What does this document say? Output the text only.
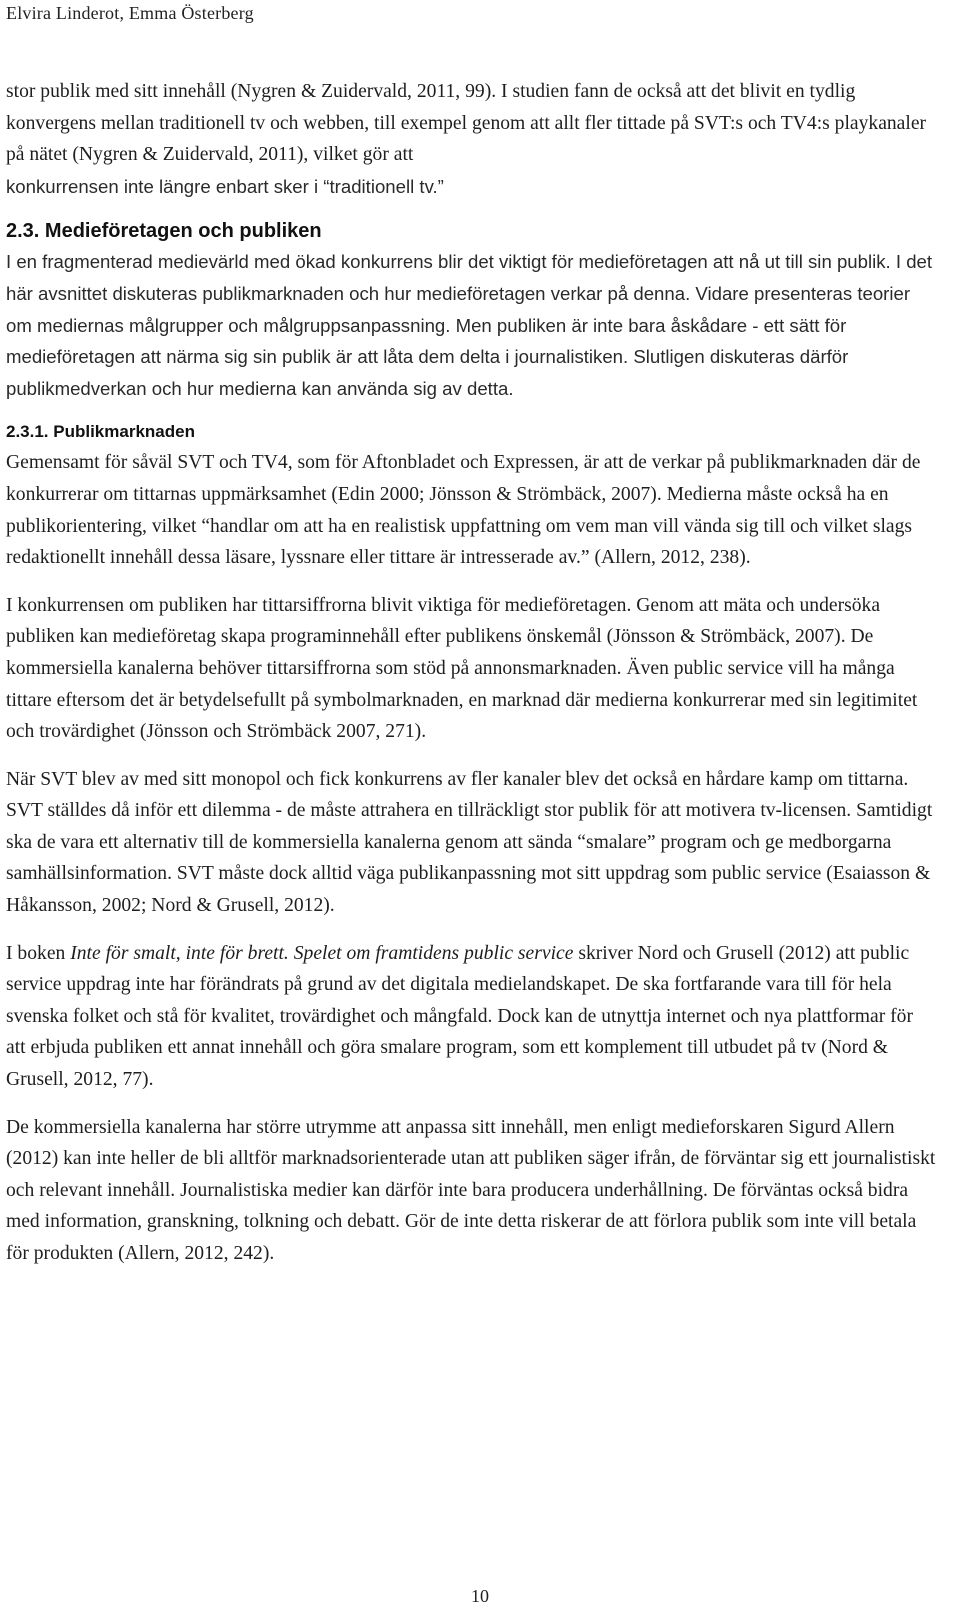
Elvira Linderot, Emma Österberg

stor publik med sitt innehåll (Nygren & Zuidervald, 2011, 99). I studien fann de också att det blivit en tydlig konvergens mellan traditionell tv och webben, till exempel genom att allt fler tittade på SVT:s och TV4:s playkanaler på nätet (Nygren & Zuidervald, 2011), vilket gör att

konkurrensen inte längre enbart sker i “traditionell tv.”

2.3. Medieföretagen och publiken

I en fragmenterad medievärld med ökad konkurrens blir det viktigt för medieföretagen att nå ut till sin publik. I det här avsnittet diskuteras publikmarknaden och hur medieföretagen verkar på denna. Vidare presenteras teorier om mediernas målgrupper och målgruppsanpassning. Men publiken är inte bara åskådare - ett sätt för medieföretagen att närma sig sin publik är att låta dem delta i journalistiken. Slutligen diskuteras därför publikmedverkan och hur medierna kan använda sig av detta.

2.3.1. Publikmarknaden

Gemensamt för såväl SVT och TV4, som för Aftonbladet och Expressen, är att de verkar på publikmarknaden där de konkurrerar om tittarnas uppmärksamhet (Edin 2000; Jönsson & Strömbäck, 2007). Medierna måste också ha en publikorientering, vilket “handlar om att ha en realistisk uppfattning om vem man vill vända sig till och vilket slags redaktionellt innehåll dessa läsare, lyssnare eller tittare är intresserade av.” (Allern, 2012, 238).

I konkurrensen om publiken har tittarsiffrorna blivit viktiga för medieföretagen. Genom att mäta och undersöka publiken kan medieföretag skapa programinnehåll efter publikens önskemål (Jönsson & Strömbäck, 2007). De kommersiella kanalerna behöver tittarsiffrorna som stöd på annonsmarknaden. Även public service vill ha många tittare eftersom det är betydelsefullt på symbolmarknaden, en marknad där medierna konkurrerar med sin legitimitet och trovärdighet (Jönsson och Strömbäck 2007, 271).

När SVT blev av med sitt monopol och fick konkurrens av fler kanaler blev det också en hårdare kamp om tittarna. SVT ställdes då inför ett dilemma - de måste attrahera en tillräckligt stor publik för att motivera tv-licensen. Samtidigt ska de vara ett alternativ till de kommersiella kanalerna genom att sända “smalare” program och ge medborgarna samhällsinformation. SVT måste dock alltid väga publikanpassning mot sitt uppdrag som public service (Esaiasson & Håkansson, 2002; Nord & Grusell, 2012).

I boken Inte för smalt, inte för brett. Spelet om framtidens public service skriver Nord och Grusell (2012) att public service uppdrag inte har förändrats på grund av det digitala medielandskapet. De ska fortfarande vara till för hela svenska folket och stå för kvalitet, trovärdighet och mångfald. Dock kan de utnyttja internet och nya plattformar för att erbjuda publiken ett annat innehåll och göra smalare program, som ett komplement till utbudet på tv (Nord & Grusell, 2012, 77).

De kommersiella kanalerna har större utrymme att anpassa sitt innehåll, men enligt medieforskaren Sigurd Allern (2012) kan inte heller de bli alltför marknadsorienterade utan att publiken säger ifrån, de förväntar sig ett journalistiskt och relevant innehåll. Journalistiska medier kan därför inte bara producera underhållning. De förväntas också bidra med information, granskning, tolkning och debatt. Gör de inte detta riskerar de att förlora publik som inte vill betala för produkten (Allern, 2012, 242).

10
